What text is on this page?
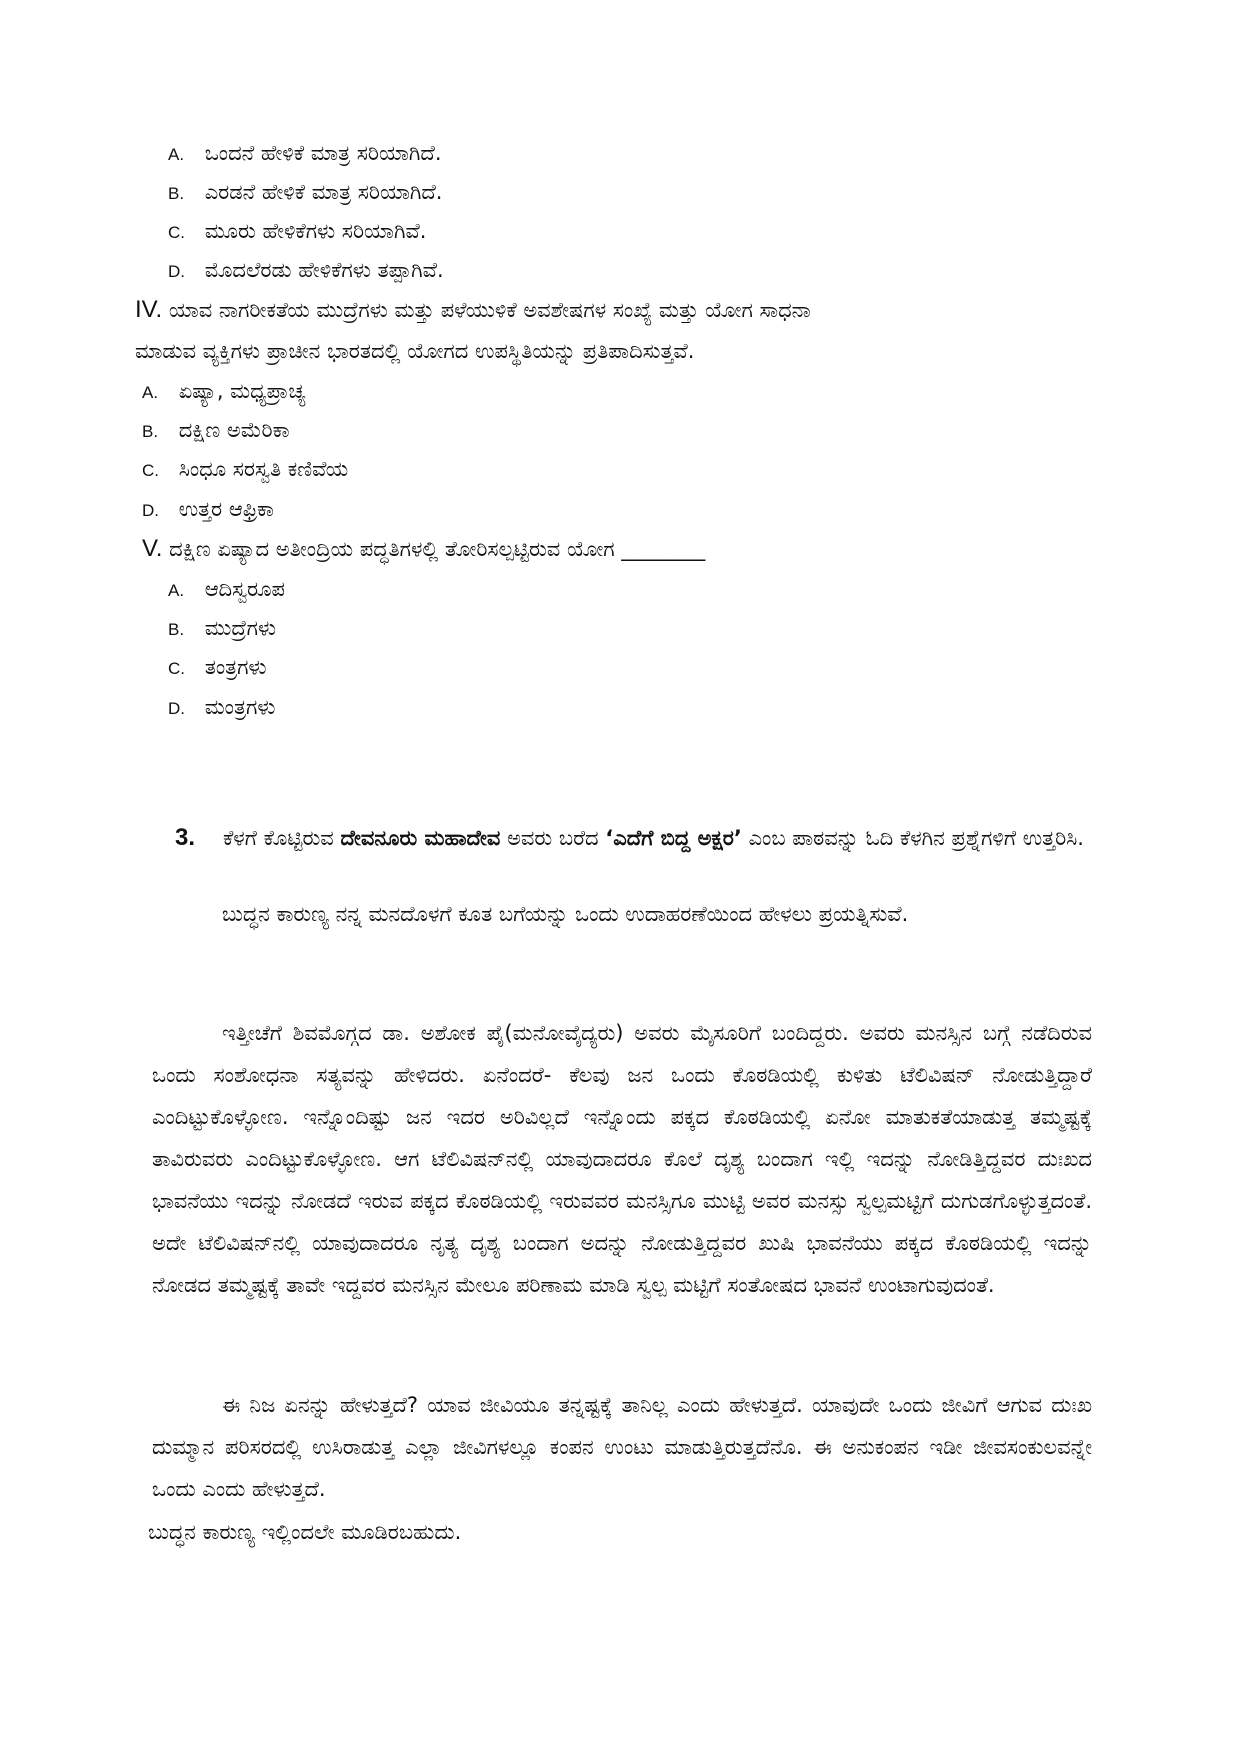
A. ಒಂದನೆ ಹೇಳಿಕೆ ಮಾತ್ರ ಸರಿಯಾಗಿದೆ.
B. ಎರಡನೆ ಹೇಳಿಕೆ ಮಾತ್ರ ಸರಿಯಾಗಿದೆ.
C. ಮೂರು ಹೇಳಿಕೆಗಳು ಸರಿಯಾಗಿವೆ.
D. ಮೊದಲೆರಡು ಹೇಳಿಕೆಗಳು ತಪ್ಪಾಗಿವೆ.
IV. ಯಾವ ನಾಗರೀಕತೆಯ ಮುದ್ರೆಗಳು ಮತ್ತು ಪಳೆಯುಳಿಕೆ ಅವಶೇಷಗಳ ಸಂಖ್ಯೆ ಮತ್ತು ಯೋಗ ಸಾಧನಾ
ಮಾಡುವ ವ್ಯಕ್ತಿಗಳು ಪ್ರಾಚೀನ ಭಾರತದಲ್ಲಿ ಯೋಗದ ಉಪಸ್ಥಿತಿಯನ್ನು ಪ್ರತಿಪಾದಿಸುತ್ತವೆ.
A. ಏಷ್ಯಾ, ಮಧ್ಯಪ್ರಾಚ್ಯ
B. ದಕ್ಷಿಣ ಅಮೆರಿಕಾ
C. ಸಿಂಧೂ ಸರಸ್ವತಿ ಕಣಿವೆಯ
D. ಉತ್ತರ ಆಫ್ರಿಕಾ
V. ದಕ್ಷಿಣ ಏಷ್ಯಾದ ಅತೀಂದ್ರಿಯ ಪದ್ಧತಿಗಳಲ್ಲಿ ತೋರಿಸಲ್ಪಟ್ಟಿರುವ ಯೋಗ ________
A. ಆದಿಸ್ವರೂಪ
B. ಮುದ್ರೆಗಳು
C. ತಂತ್ರಗಳು
D. ಮಂತ್ರಗಳು
3. ಕೆಳಗೆ ಕೊಟ್ಟಿರುವ ದೇವನೂರು ಮಹಾದೇವ ಅವರು ಬರೆದ ‘ಎದೆಗೆ ಬಿದ್ದ ಅಕ್ಷರ’ ಎಂಬ ಪಾಠವನ್ನು ಓದಿ ಕೆಳಗಿನ ಪ್ರಶ್ನೆಗಳಿಗೆ ಉತ್ತರಿಸಿ.

ಬುದ್ಧನ ಕಾರುಣ್ಯ ನನ್ನ ಮನದೊಳಗೆ ಕೂತ ಬಗೆಯನ್ನು ಒಂದು ಉದಾಹರಣೆಯಿಂದ ಹೇಳಲು ಪ್ರಯತ್ನಿಸುವೆ.

ಇತ್ತೀಚೆಗೆ ಶಿವಮೊಗ್ಗದ ಡಾ. ಅಶೋಕ ಪೈ(ಮನೋವೈದ್ಯರು) ಅವರು ಮೈಸೂರಿಗೆ ಬಂದಿದ್ದರು. ಅವರು ಮನಸ್ಸಿನ ಬಗ್ಗೆ ನಡೆದಿರುವ ಒಂದು ಸಂಶೋಧನಾ ಸತ್ಯವನ್ನು ಹೇಳಿದರು. ಏನೆಂದರೆ- ಕೆಲವು ಜನ ಒಂದು ಕೊಠಡಿಯಲ್ಲಿ ಕುಳಿತು ಟೆಲಿವಿಷನ್ ನೋಡುತ್ತಿದ್ದಾರೆ ಎಂದಿಟ್ಟುಕೊಳ್ಳೋಣ. ಇನ್ನೊಂದಿಷ್ಟು ಜನ ಇದರ ಅರಿವಿಲ್ಲದೆ ಇನ್ನೊಂದು ಪಕ್ಕದ ಕೊಠಡಿಯಲ್ಲಿ ಏನೋ ಮಾತುಕತೆಯಾಡುತ್ತ ತಮ್ಮಷ್ಟಕ್ಕೆ ತಾವಿರುವರು ಎಂದಿಟ್ಟುಕೊಳ್ಳೋಣ. ಆಗ ಟೆಲಿವಿಷನ್‌ನಲ್ಲಿ ಯಾವುದಾದರೂ ಕೊಲೆ ದೃಶ್ಯ ಬಂದಾಗ ಇಲ್ಲಿ ಇದನ್ನು ನೋಡಿತ್ತಿದ್ದವರ ದುಃಖದ ಭಾವನೆಯು ಇದನ್ನು ನೋಡದೆ ಇರುವ ಪಕ್ಕದ ಕೊಠಡಿಯಲ್ಲಿ ಇರುವವರ ಮನಸ್ಸಿಗೂ ಮುಟ್ಟಿ ಅವರ ಮನಸ್ಸು ಸ್ವಲ್ಪಮಟ್ಟಿಗೆ ದುಗುಡಗೊಳ್ಳುತ್ತದಂತೆ. ಅದೇ ಟೆಲಿವಿಷನ್‌ನಲ್ಲಿ ಯಾವುದಾದರೂ ನೃತ್ಯ ದೃಶ್ಯ ಬಂದಾಗ ಅದನ್ನು ನೋಡುತ್ತಿದ್ದವರ ಖುಷಿ ಭಾವನೆಯು ಪಕ್ಕದ ಕೊಠಡಿಯಲ್ಲಿ ಇದನ್ನು ನೋಡದ ತಮ್ಮಷ್ಟಕ್ಕೆ ತಾವೇ ಇದ್ದವರ ಮನಸ್ಸಿನ ಮೇಲೂ ಪರಿಣಾಮ ಮಾಡಿ ಸ್ವಲ್ಪ ಮಟ್ಟಿಗೆ ಸಂತೋಷದ ಭಾವನೆ ಉಂಟಾಗುವುದಂತೆ.

ಈ ನಿಜ ಏನನ್ನು ಹೇಳುತ್ತದೆ? ಯಾವ ಜೀವಿಯೂ ತನ್ನಷ್ಟಕ್ಕೆ ತಾನಿಲ್ಲ ಎಂದು ಹೇಳುತ್ತದೆ. ಯಾವುದೇ ಒಂದು ಜೀವಿಗೆ ಆಗುವ ದುಃಖ ದುಮ್ಮಾನ ಪರಿಸರದಲ್ಲಿ ಉಸಿರಾಡುತ್ತ ಎಲ್ಲಾ ಜೀವಿಗಳಲ್ಲೂ ಕಂಪನ ಉಂಟು ಮಾಡುತ್ತಿರುತ್ತದೆನೊ. ಈ ಅನುಕಂಪನ ಇಡೀ ಜೀವಸಂಕುಲವನ್ನೇ ಒಂದು ಎಂದು ಹೇಳುತ್ತದೆ.

ಬುದ್ಧನ ಕಾರುಣ್ಯ ಇಲ್ಲಿಂದಲೇ ಮೂಡಿರಬಹುದು.
